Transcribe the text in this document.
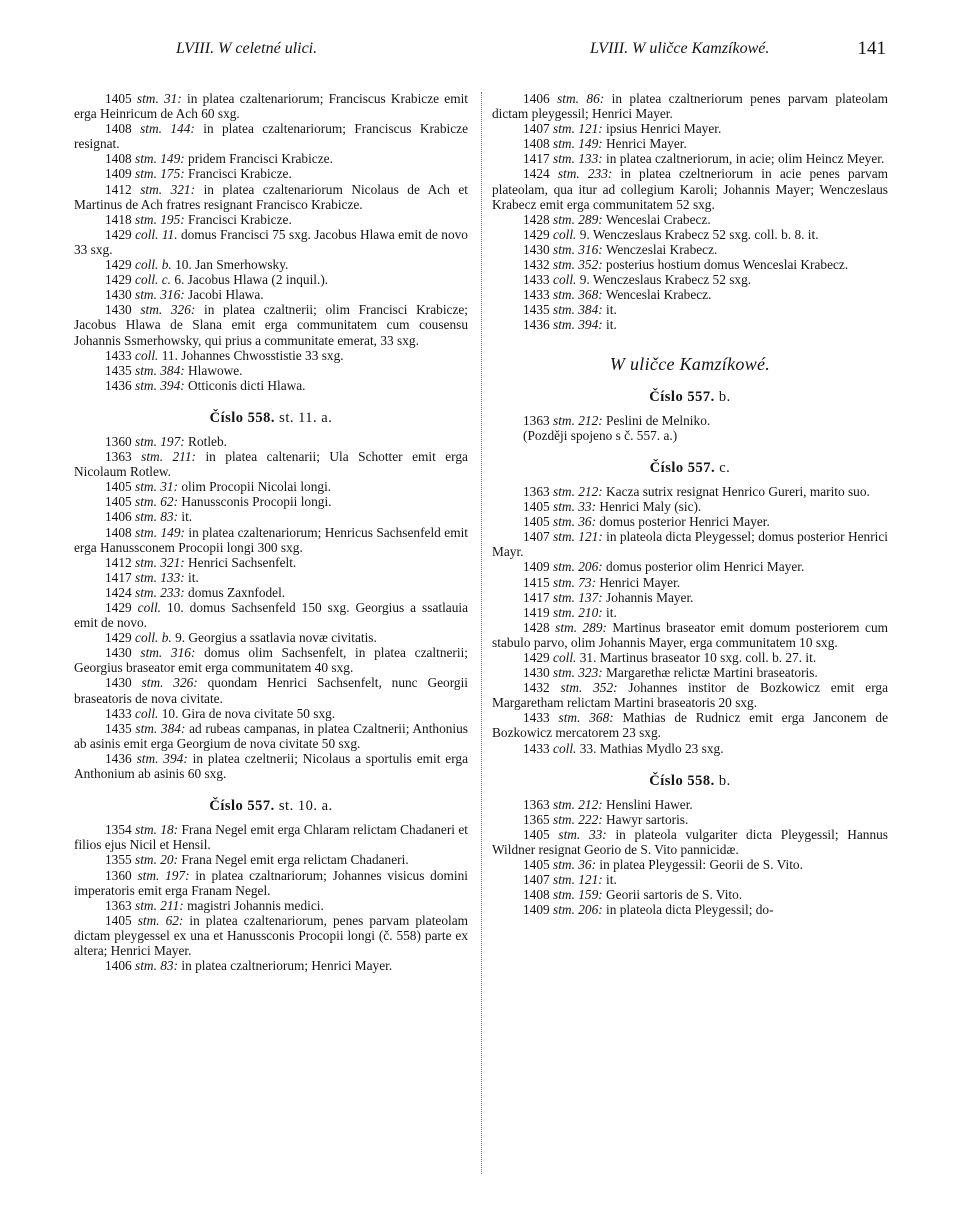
LVIII. W celetné ulici.	LVIII. W uličce Kamzíkowé.	141

1405 stm. 31: in platea czaltenariorum; Franciscus Krabicze emit erga Heinricum de Ach 60 sxg.

1408 stm. 144: in platea czaltenariorum; Franciscus Krabicze resignat.

1408 stm. 149: pridem Francisci Krabicze.

1409 stm. 175: Francisci Krabicze.

1412 stm. 321: in platea czaltenariorum Nicolaus de Ach et Martinus de Ach fratres resignant Francisco Krabicze.

1418 stm. 195: Francisci Krabicze.

1429 coll. 11. domus Francisci 75 sxg. Jacobus Hlawa emit de novo 33 sxg.

1429 coll. b. 10. Jan Smerhowsky.

1429 coll. c. 6. Jacobus Hlawa (2 inquil.).

1430 stm. 316: Jacobi Hlawa.

1430 stm. 326: in platea czaltnerii; olim Francisci Krabicze; Jacobus Hlawa de Slana emit erga communitatem cum cousensu Johannis Ssmerhowsky, qui prius a communitate emerat, 33 sxg.

1433 coll. 11. Johannes Chwosstistie 33 sxg.

1435 stm. 384: Hlawowe.

1436 stm. 394: Otticonis dicti Hlawa.

Číslo 558. st. 11. a.

1360 stm. 197: Rotleb.

1363 stm. 211: in platea caltenarii; Ula Schotter emit erga Nicolaum Rotlew.

1405 stm. 31: olim Procopii Nicolai longi.

1405 stm. 62: Hanussconis Procopii longi.

1406 stm. 83: it.

1408 stm. 149: in platea czaltenariorum; Henricus Sachsenfeld emit erga Hanussconem Procopii longi 300 sxg.

1412 stm. 321: Henrici Sachsenfelt.

1417 stm. 133: it.

1424 stm. 233: domus Zaxnfodel.

1429 coll. 10. domus Sachsenfeld 150 sxg. Georgius a ssatlauia emit de novo.

1429 coll. b. 9. Georgius a ssatlavia novæ civitatis.

1430 stm. 316: domus olim Sachsenfelt, in platea czaltnerii; Georgius braseator emit erga communitatem 40 sxg.

1430 stm. 326: quondam Henrici Sachsenfelt, nunc Georgii braseatoris de nova civitate.

1433 coll. 10. Gira de nova civitate 50 sxg.

1435 stm. 384: ad rubeas campanas, in platea Czaltnerii; Anthonius ab asinis emit erga Georgium de nova civitate 50 sxg.

1436 stm. 394: in platea czeltnerii; Nicolaus a sportulis emit erga Anthonium ab asinis 60 sxg.

Číslo 557. st. 10. a.

1354 stm. 18: Frana Negel emit erga Chlaram relictam Chadaneri et filios ejus Nicil et Hensil.

1355 stm. 20: Frana Negel emit erga relictam Chadaneri.

1360 stm. 197: in platea czaltnariorum; Johannes visicus domini imperatoris emit erga Franam Negel.

1363 stm. 211: magistri Johannis medici.

1405 stm. 62: in platea czaltenariorum, penes parvam plateolam dictam pleygessel ex una et Hanussconis Procopii longi (č. 558) parte ex altera; Henrici Mayer.

1406 stm. 83: in platea czaltneriorum; Henrici Mayer.

1406 stm. 86: in platea czaltneriorum penes parvam plateolam dictam pleygessil; Henrici Mayer.

1407 stm. 121: ipsius Henrici Mayer.

1408 stm. 149: Henrici Mayer.

1417 stm. 133: in platea czaltneriorum, in acie; olim Heincz Meyer.

1424 stm. 233: in platea czeltneriorum in acie penes parvam plateolam, qua itur ad collegium Karoli; Johannis Mayer; Wenczeslaus Krabecz emit erga communitatem 52 sxg.

1428 stm. 289: Wenceslai Crabecz.

1429 coll. 9. Wenczeslaus Krabecz 52 sxg. coll. b. 8. it.

1430 stm. 316: Wenczeslai Krabecz.

1432 stm. 352: posterius hostium domus Wenceslai Krabecz.

1433 coll. 9. Wenczeslaus Krabecz 52 sxg.

1433 stm. 368: Wenceslai Krabecz.

1435 stm. 384: it.

1436 stm. 394: it.

W uličce Kamzíkowé.
Číslo 557. b.

1363 stm. 212: Peslini de Melniko.

(Později spojeno s č. 557. a.)

Číslo 557. c.

1363 stm. 212: Kacza sutrix resignat Henrico Gureri, marito suo.

1405 stm. 33: Henrici Maly (sic).

1405 stm. 36: domus posterior Henrici Mayer.

1407 stm. 121: in plateola dicta Pleygessel; domus posterior Henrici Mayr.

1409 stm. 206: domus posterior olim Henrici Mayer.

1415 stm. 73: Henrici Mayer.

1417 stm. 137: Johannis Mayer.

1419 stm. 210: it.

1428 stm. 289: Martinus braseator emit domum posteriorem cum stabulo parvo, olim Johannis Mayer, erga communitatem 10 sxg.

1429 coll. 31. Martinus braseator 10 sxg. coll. b. 27. it.

1430 stm. 323: Margarethæ relictæ Martini braseatoris.

1432 stm. 352: Johannes institor de Bozkowicz emit erga Margaretham relictam Martini braseatoris 20 sxg.

1433 stm. 368: Mathias de Rudnicz emit erga Janconem de Bozkowicz mercatorem 23 sxg.

1433 coll. 33. Mathias Mydlo 23 sxg.

Číslo 558. b.

1363 stm. 212: Henslini Hawer.

1365 stm. 222: Hawyr sartoris.

1405 stm. 33: in plateola vulgariter dicta Pleygessil; Hannus Wildner resignat Georio de S. Vito pannicidæ.

1405 stm. 36: in platea Pleygessil: Georii de S. Vito.

1407 stm. 121: it.

1408 stm. 159: Georii sartoris de S. Vito.

1409 stm. 206: in plateola dicta Pleygessil; do-
